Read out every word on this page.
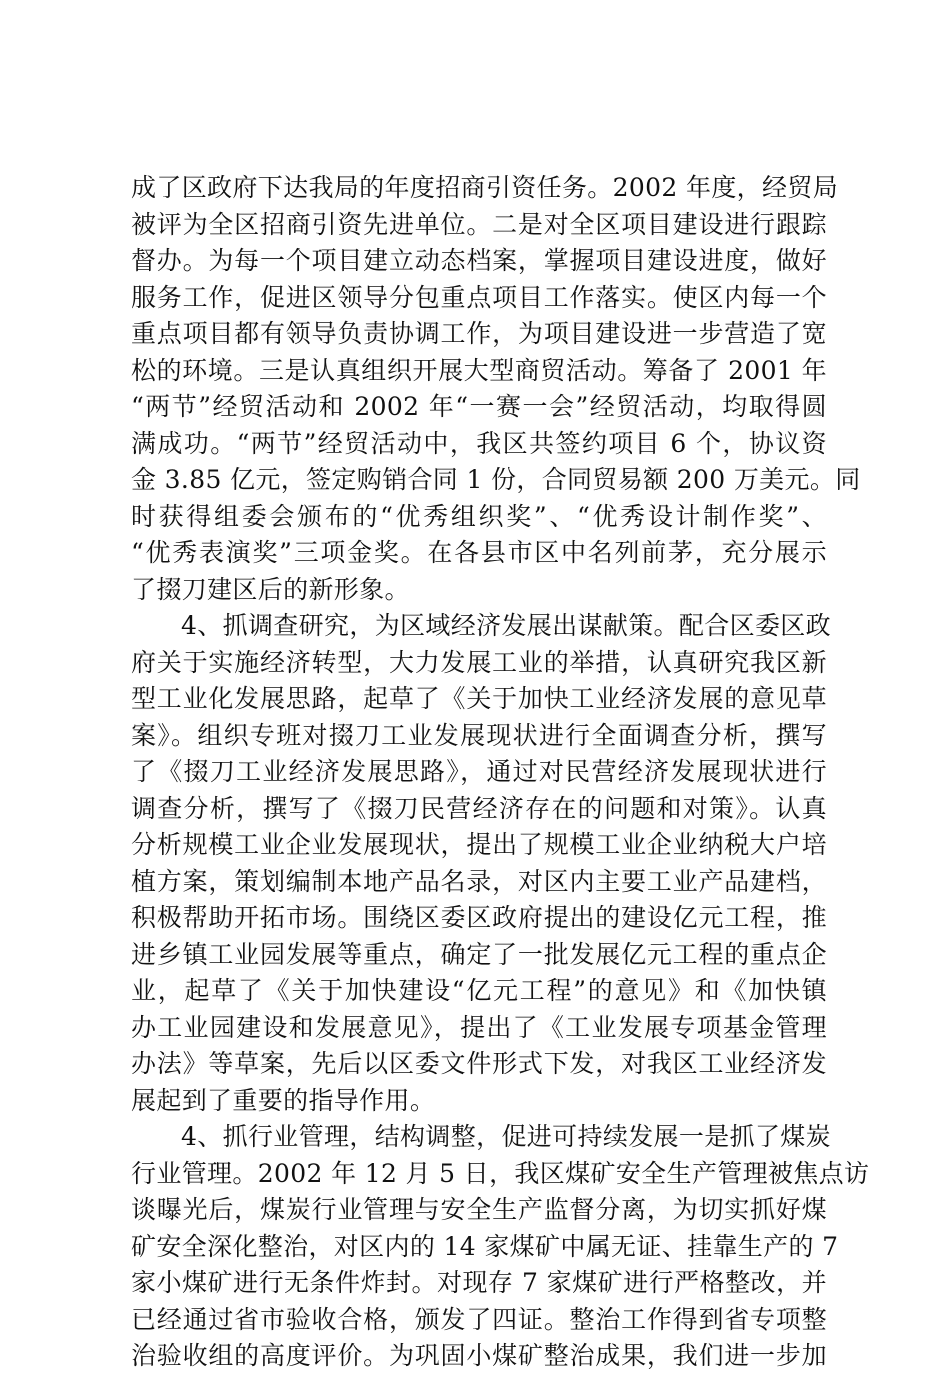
成了区政府下达我局的年度招商引资任务。2002 年度，经贸局
被评为全区招商引资先进单位。二是对全区项目建设进行跟踪
督办。为每一个项目建立动态档案，掌握项目建设进度，做好
服务工作，促进区领导分包重点项目工作落实。使区内每一个
重点项目都有领导负责协调工作，为项目建设进一步营造了宽
松的环境。三是认真组织开展大型商贸活动。筹备了 2001 年
“两节”经贸活动和 2002 年“一赛一会”经贸活动，均取得圆
满成功。“两节”经贸活动中，我区共签约项目 6 个，协议资
金 3.85 亿元，签定购销合同 1 份，合同贸易额 200 万美元。同
时获得组委会颁布的“优秀组织奖”、“优秀设计制作奖”、
“优秀表演奖”三项金奖。在各县市区中名列前茅，充分展示
了掇刀建区后的新形象。
4、抓调查研究，为区域经济发展出谋献策。配合区委区政
府关于实施经济转型，大力发展工业的举措，认真研究我区新
型工业化发展思路，起草了《关于加快工业经济发展的意见草
案》。组织专班对掇刀工业发展现状进行全面调查分析，撰写
了《掇刀工业经济发展思路》，通过对民营经济发展现状进行
调查分析，撰写了《掇刀民营经济存在的问题和对策》。认真
分析规模工业企业发展现状，提出了规模工业企业纳税大户培
植方案，策划编制本地产品名录，对区内主要工业产品建档，
积极帮助开拓市场。围绕区委区政府提出的建设亿元工程，推
进乡镇工业园发展等重点，确定了一批发展亿元工程的重点企
业，起草了《关于加快建设“亿元工程”的意见》和《加快镇
办工业园建设和发展意见》，提出了《工业发展专项基金管理
办法》等草案，先后以区委文件形式下发，对我区工业经济发
展起到了重要的指导作用。
4、抓行业管理，结构调整，促进可持续发展一是抓了煤炭
行业管理。2002 年 12 月 5 日，我区煤矿安全生产管理被焦点访
谈曝光后，煤炭行业管理与安全生产监督分离，为切实抓好煤
矿安全深化整治，对区内的 14 家煤矿中属无证、挂靠生产的 7
家小煤矿进行无条件炸封。对现存 7 家煤矿进行严格整改，并
已经通过省市验收合格，颁发了四证。整治工作得到省专项整
治验收组的高度评价。为巩固小煤矿整治成果，我们进一步加
